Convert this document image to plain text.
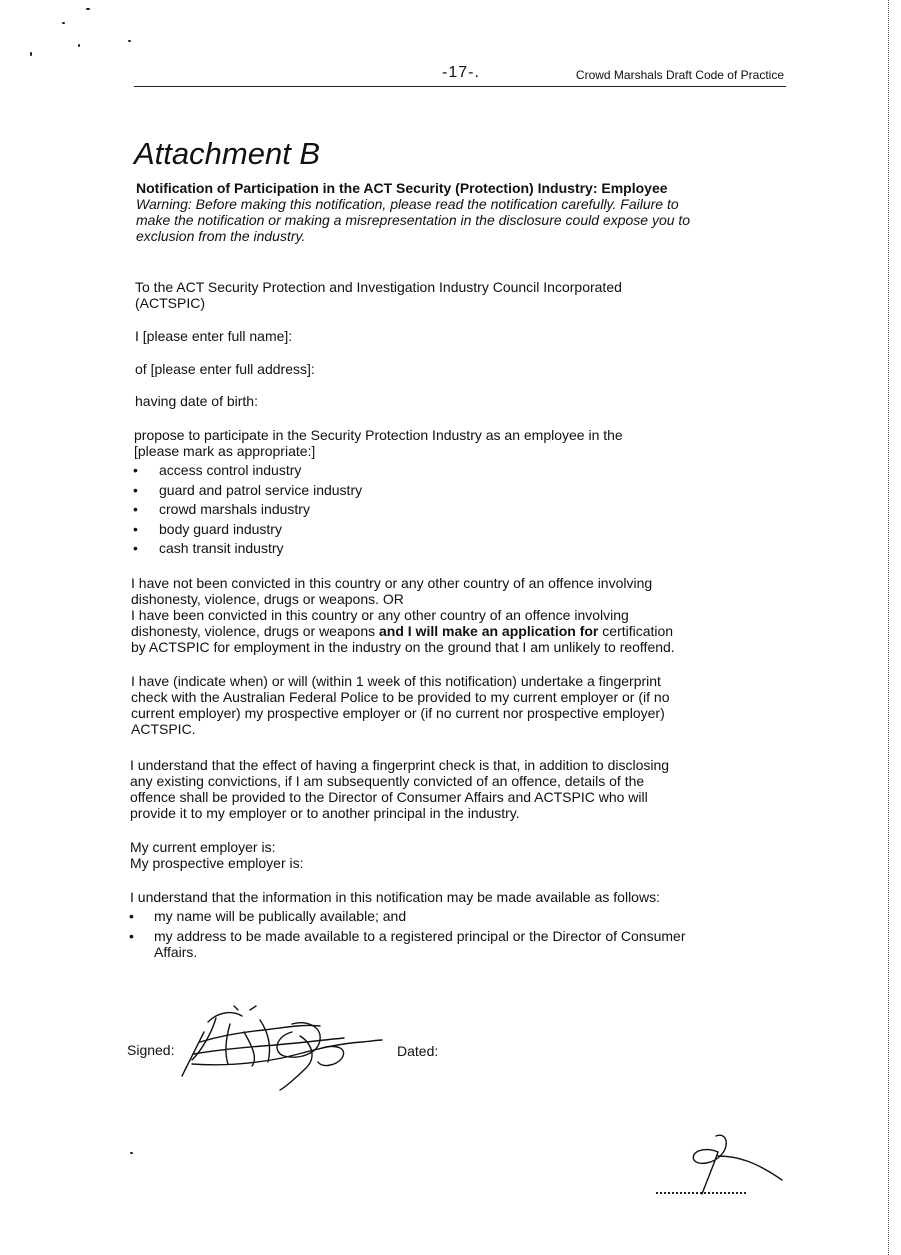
-17-.	Crowd Marshals Draft Code of Practice
Attachment B
Notification of Participation in the ACT Security (Protection) Industry: Employee
Warning: Before making this notification, please read the notification carefully. Failure to
make the notification or making a misrepresentation in the disclosure could expose you to
exclusion from the industry.
To the ACT Security Protection and Investigation Industry Council Incorporated
(ACTSPIC)
I [please enter full name]:
of [please enter full address]:
having date of birth:
propose to participate in the Security Protection Industry as an employee in the
[please mark as appropriate:]
• access control industry
• guard and patrol service industry
• crowd marshals industry
• body guard industry
• cash transit industry
I have not been convicted in this country or any other country of an offence involving
dishonesty, violence, drugs or weapons. OR
I have been convicted in this country or any other country of an offence involving
dishonesty, violence, drugs or weapons and I will make an application for certification
by ACTSPIC for employment in the industry on the ground that I am unlikely to reoffend.
I have (indicate when) or will (within 1 week of this notification) undertake a fingerprint
check with the Australian Federal Police to be provided to my current employer or (if no
current employer) my prospective employer or (if no current nor prospective employer)
ACTSPIC.
I understand that the effect of having a fingerprint check is that, in addition to disclosing
any existing convictions, if I am subsequently convicted of an offence, details of the
offence shall be provided to the Director of Consumer Affairs and ACTSPIC who will
provide it to my employer or to another principal in the industry.
My current employer is:
My prospective employer is:
I understand that the information in this notification may be made available as follows:
• my name will be publically available; and
• my address to be made available to a registered principal or the Director of Consumer Affairs.
Signed:	Dated:
